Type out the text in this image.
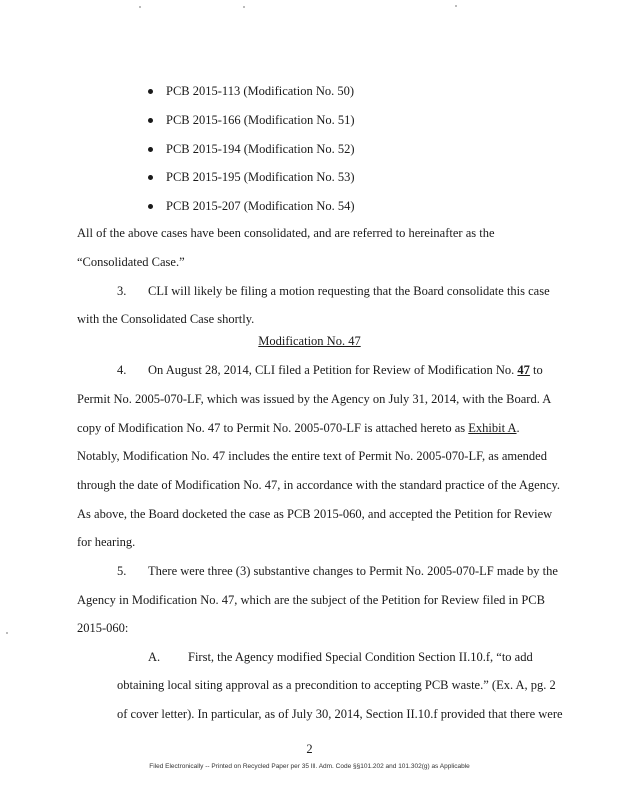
PCB 2015-113 (Modification No. 50)
PCB 2015-166 (Modification No. 51)
PCB 2015-194 (Modification No. 52)
PCB 2015-195 (Modification No. 53)
PCB 2015-207 (Modification No. 54)
All of the above cases have been consolidated, and are referred to hereinafter as the
“Consolidated Case.”
3. CLI will likely be filing a motion requesting that the Board consolidate this case
with the Consolidated Case shortly.
Modification No. 47
4. On August 28, 2014, CLI filed a Petition for Review of Modification No. 47 to
Permit No. 2005-070-LF, which was issued by the Agency on July 31, 2014, with the Board. A
copy of Modification No. 47 to Permit No. 2005-070-LF is attached hereto as Exhibit A.
Notably, Modification No. 47 includes the entire text of Permit No. 2005-070-LF, as amended
through the date of Modification No. 47, in accordance with the standard practice of the Agency.
As above, the Board docketed the case as PCB 2015-060, and accepted the Petition for Review
for hearing.
5. There were three (3) substantive changes to Permit No. 2005-070-LF made by the
Agency in Modification No. 47, which are the subject of the Petition for Review filed in PCB
2015-060:
A. First, the Agency modified Special Condition Section II.10.f, “to add
obtaining local siting approval as a precondition to accepting PCB waste.” (Ex. A, pg. 2
of cover letter). In particular, as of July 30, 2014, Section II.10.f provided that there were
2
Filed Electronically -- Printed on Recycled Paper per 35 Ill. Adm. Code §§101.202 and 101.302(g) as Applicable
